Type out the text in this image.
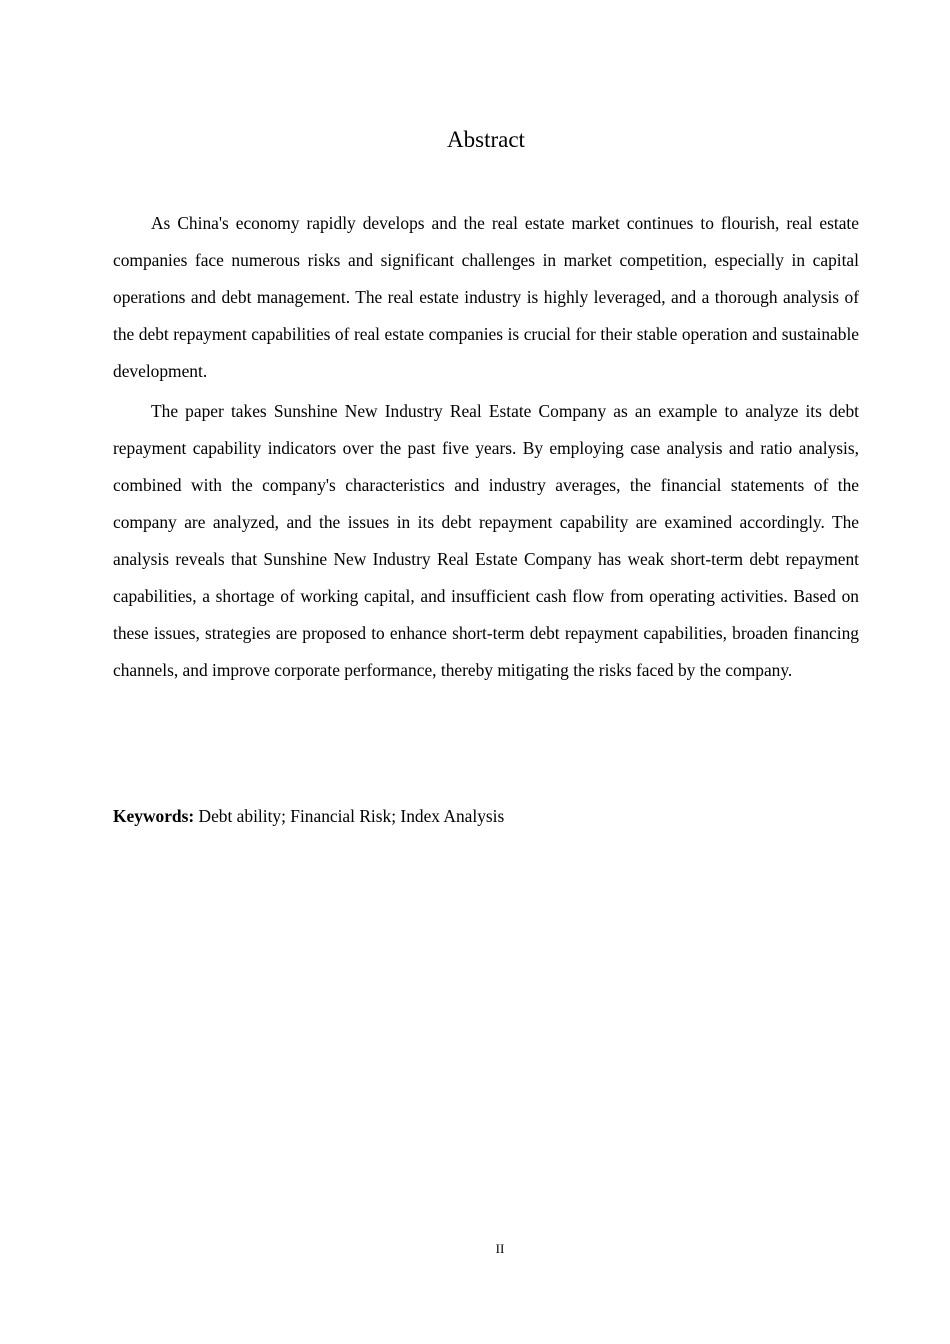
Abstract

As China's economy rapidly develops and the real estate market continues to flourish, real estate companies face numerous risks and significant challenges in market competition, especially in capital operations and debt management. The real estate industry is highly leveraged, and a thorough analysis of the debt repayment capabilities of real estate companies is crucial for their stable operation and sustainable development.

The paper takes Sunshine New Industry Real Estate Company as an example to analyze its debt repayment capability indicators over the past five years. By employing case analysis and ratio analysis, combined with the company's characteristics and industry averages, the financial statements of the company are analyzed, and the issues in its debt repayment capability are examined accordingly. The analysis reveals that Sunshine New Industry Real Estate Company has weak short-term debt repayment capabilities, a shortage of working capital, and insufficient cash flow from operating activities. Based on these issues, strategies are proposed to enhance short-term debt repayment capabilities, broaden financing channels, and improve corporate performance, thereby mitigating the risks faced by the company.

Keywords: Debt ability; Financial Risk; Index Analysis

II
